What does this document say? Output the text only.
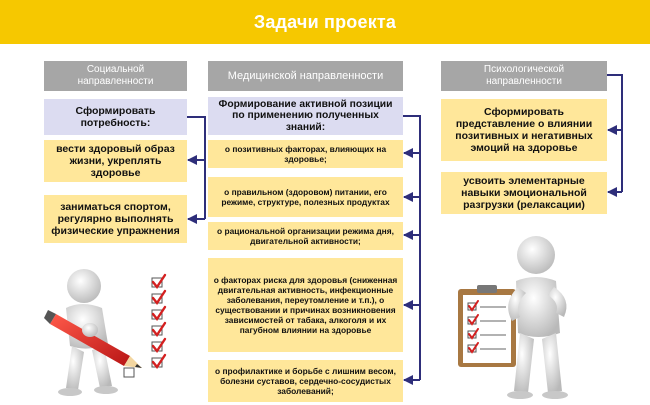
Задачи проекта
Социальной направленности
Сформировать потребность:
вести здоровый образ жизни, укреплять здоровье
заниматься спортом, регулярно выполнять физические упражнения
Медицинской направленности
Формирование активной позиции по применению полученных знаний:
о позитивных факторах, влияющих на здоровье;
о правильном (здоровом) питании, его режиме, структуре, полезных продуктах
о рациональной организации режима дня, двигательной активности;
о факторах риска для здоровья (сниженная двигательная активность, инфекционные заболевания, переутомление и т.п.), о существовании и причинах возникновения зависимостей от табака, алкоголя и их пагубном влиянии на здоровье
о профилактике и борьбе с лишним весом, болезни суставов, сердечно-сосудистых заболеваний;
Психологической направленности
Сформировать представление о влиянии позитивных и негативных эмоций на здоровье
усвоить элементарные навыки эмоциональной разгрузки (релаксации)
